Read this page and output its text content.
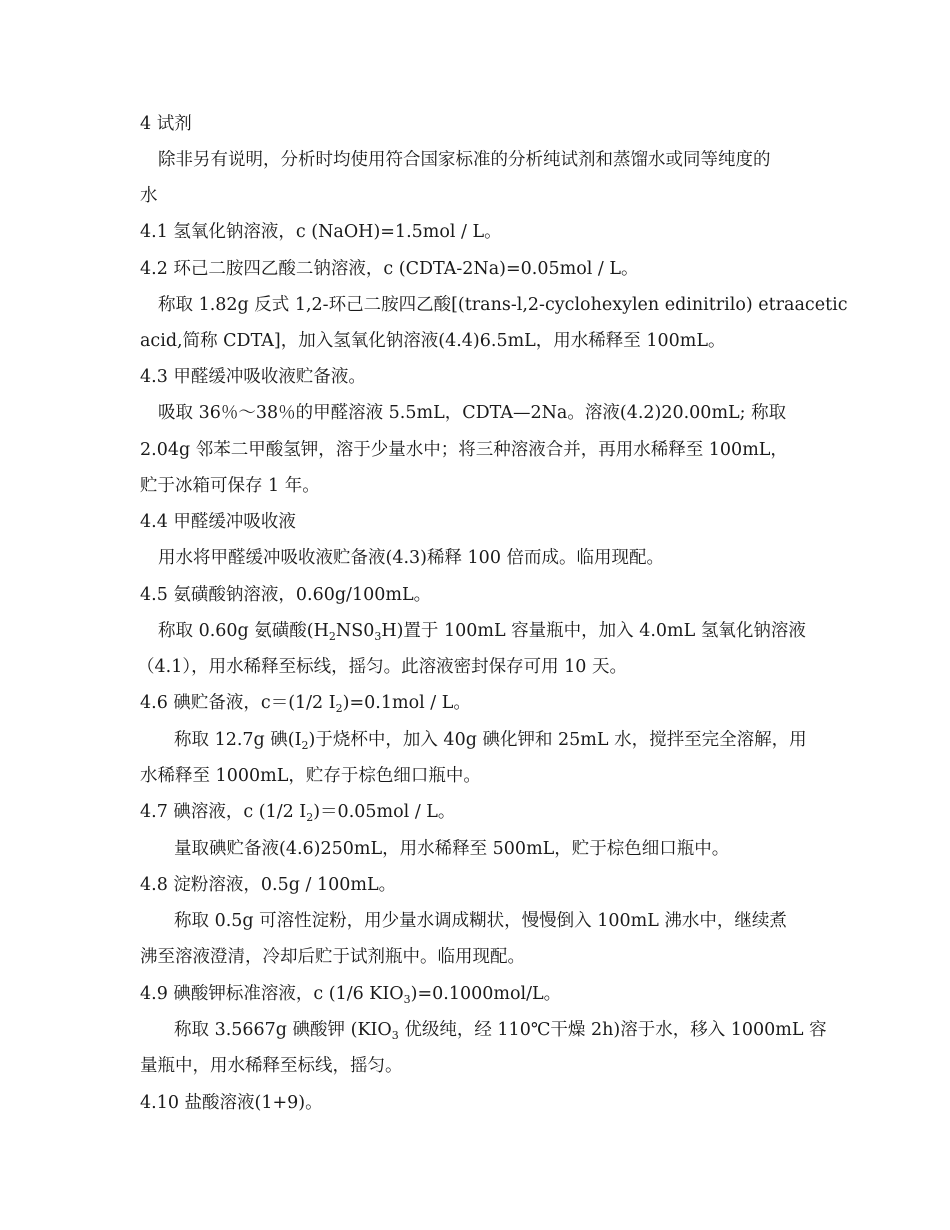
4 试剂
除非另有说明，分析时均使用符合国家标准的分析纯试剂和蒸馏水或同等纯度的
水
4.1 氢氧化钠溶液，c (NaOH)=1.5mol / L。
4.2 环己二胺四乙酸二钠溶液，c (CDTA-2Na)=0.05mol / L。
称取 1.82g 反式 1,2-环己二胺四乙酸[(trans-l,2-cyclohexylen edinitrilo) etraacetic
acid,简称 CDTA]，加入氢氧化钠溶液(4.4)6.5mL，用水稀释至 100mL。
4.3 甲醛缓冲吸收液贮备液。
吸取 36％～38％的甲醛溶液 5.5mL，CDTA—2Na。溶液(4.2)20.00mL; 称取
2.04g 邻苯二甲酸氢钾，溶于少量水中；将三种溶液合并，再用水稀释至 100mL，
贮于冰箱可保存 1 年。
4.4 甲醛缓冲吸收液
用水将甲醛缓冲吸收液贮备液(4.3)稀释 100 倍而成。临用现配。
4.5 氨磺酸钠溶液，0.60g/100mL。
称取 0.60g 氨磺酸$(H_2NS0_3H)$置于 100mL 容量瓶中，加入 4.0mL 氢氧化钠溶液
（4.1），用水稀释至标线，摇匀。此溶液密封保存可用 10 天。
4.6 碘贮备液，c＝(1/2 $I_2)=0.1mol / L$。
称取 12.7g 碘$(I_2)$于烧杯中，加入 40g 碘化钾和 25mL 水，搅拌至完全溶解，用
水稀释至 1000mL，贮存于棕色细口瓶中。
4.7 碘溶液，c (1/2 $I_2)=0.05mol / L$。
量取碘贮备液(4.6)250mL，用水稀释至 500mL，贮于棕色细口瓶中。
4.8 淀粉溶液，0.5g / 100mL。
称取 0.5g 可溶性淀粉，用少量水调成糊状，慢慢倒入 100mL 沸水中，继续煮
沸至溶液澄清，冷却后贮于试剂瓶中。临用现配。
4.9 碘酸钾标准溶液，c (1/6 $KIO_3)=0.1000mol/L$。
称取 3.5667g 碘酸钾 ($KIO_3$ 优级纯，经 110℃干燥 2h)溶于水，移入 1000mL 容
量瓶中，用水稀释至标线，摇匀。
4.10 盐酸溶液(1+9)。
